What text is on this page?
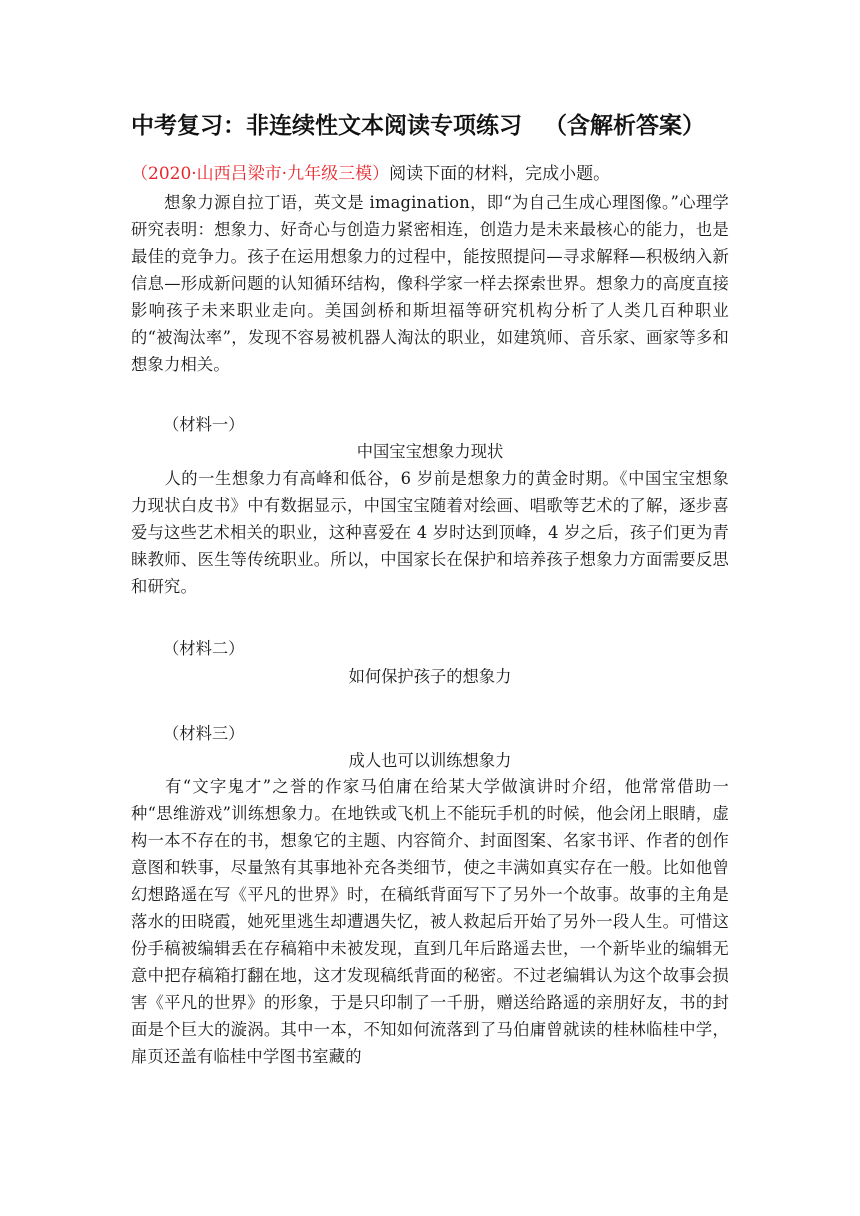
中考复习：非连续性文本阅读专项练习 （含解析答案）
（2020·山西吕梁市·九年级三模）阅读下面的材料，完成小题。
想象力源自拉丁语，英文是 imagination，即“为自己生成心理图像。”心理学研究表明：想象力、好奇心与创造力紧密相连，创造力是未来最核心的能力，也是最佳的竞争力。孩子在运用想象力的过程中，能按照提问—寻求解释—积极纳入新信息—形成新问题的认知循环结构，像科学家一样去探索世界。想象力的高度直接影响孩子未来职业走向。美国剑桥和斯坦福等研究机构分析了人类几百种职业的“被淘汰率”，发现不容易被机器人淘汰的职业，如建筑师、音乐家、画家等多和想象力相关。
（材料一）
中国宝宝想象力现状
人的一生想象力有高峰和低谷，6 岁前是想象力的黄金时期。《中国宝宝想象力现状白皮书》中有数据显示，中国宝宝随着对绘画、唱歌等艺术的了解，逐步喜爱与这些艺术相关的职业，这种喜爱在 4 岁时达到顶峰，4 岁之后，孩子们更为青睐教师、医生等传统职业。所以，中国家长在保护和培养孩子想象力方面需要反思和研究。
（材料二）
如何保护孩子的想象力
（材料三）
成人也可以训练想象力
有“文字鬼才”之誉的作家马伯庸在给某大学做演讲时介绍，他常常借助一种“思维游戏”训练想象力。在地铁或飞机上不能玩手机的时候，他会闭上眼睛，虚构一本不存在的书，想象它的主题、内容简介、封面图案、名家书评、作者的创作意图和轶事，尽量煞有其事地补充各类细节，使之丰满如真实存在一般。比如他曾幻想路遥在写《平凡的世界》时，在稿纸背面写下了另外一个故事。故事的主角是落水的田晓霞，她死里逃生却遭遇失忆，被人救起后开始了另外一段人生。可惜这份手稿被编辑丢在存稿箱中未被发现，直到几年后路遥去世，一个新毕业的编辑无意中把存稿箱打翻在地，这才发现稿纸背面的秘密。不过老编辑认为这个故事会损害《平凡的世界》的形象，于是只印制了一千册，赠送给路遥的亲朋好友，书的封面是个巨大的漩涡。其中一本，不知如何流落到了马伯庸曾就读的桂林临桂中学，扉页还盖有临桂中学图书室藏的
